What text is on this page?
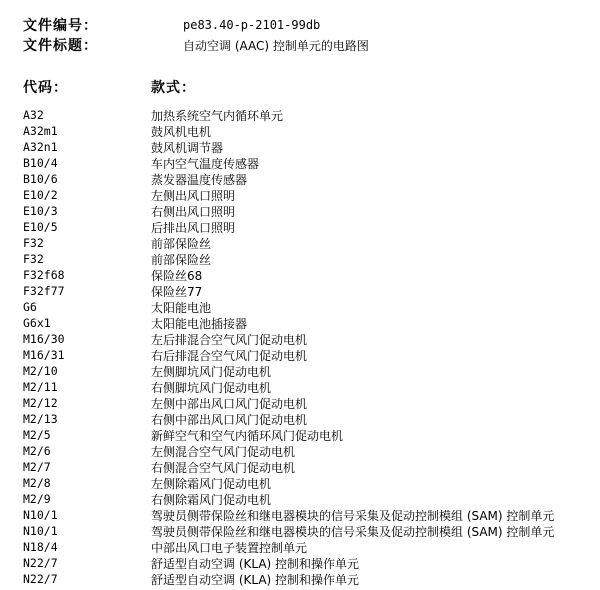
文件编号：	pe83.40-p-2101-99db
文件标题：	自动空调 (AAC) 控制单元的电路图
代码：	款式：
A32	加热系统空气内循环单元
A32m1	鼓风机电机
A32n1	鼓风机调节器
B10/4	车内空气温度传感器
B10/6	蒸发器温度传感器
E10/2	左侧出风口照明
E10/3	右侧出风口照明
E10/5	后排出风口照明
F32	前部保险丝
F32	前部保险丝
F32f68	保险丝68
F32f77	保险丝77
G6	太阳能电池
G6x1	太阳能电池插接器
M16/30	左后排混合空气风门促动电机
M16/31	右后排混合空气风门促动电机
M2/10	左侧脚坑风门促动电机
M2/11	右侧脚坑风门促动电机
M2/12	左侧中部出风口风门促动电机
M2/13	右侧中部出风口风门促动电机
M2/5	新鲜空气和空气内循环风门促动电机
M2/6	左侧混合空气风门促动电机
M2/7	右侧混合空气风门促动电机
M2/8	左侧除霜风门促动电机
M2/9	右侧除霜风门促动电机
N10/1	驾驶员侧带保险丝和继电器模块的信号采集及促动控制模组 (SAM) 控制单元
N10/1	驾驶员侧带保险丝和继电器模块的信号采集及促动控制模组 (SAM) 控制单元
N18/4	中部出风口电子装置控制单元
N22/7	舒适型自动空调 (KLA) 控制和操作单元
N22/7	舒适型自动空调 (KLA) 控制和操作单元
